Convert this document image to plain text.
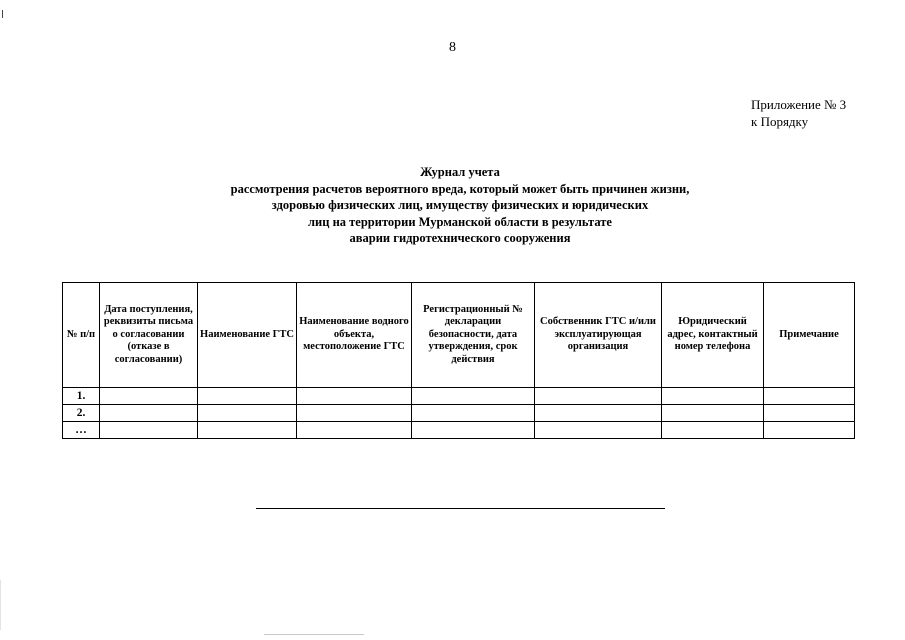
8
Приложение № 3
к Порядку
Журнал учета
рассмотрения расчетов вероятного вреда, который может быть причинен жизни,
здоровью физических лиц, имуществу физических и юридических
лиц на территории Мурманской области в результате
аварии гидротехнического сооружения
№ п/п	Дата поступления, реквизиты письма о согласовании (отказе в согласовании)	Наименование ГТС	Наименование водного объекта, местоположение ГТС	Регистрационный № декларации безопасности, дата утверждения, срок действия	Собственник ГТС и/или эксплуатирующая организация	Юридический адрес, контактный номер телефона	Примечание
1.							
2.							
…							
